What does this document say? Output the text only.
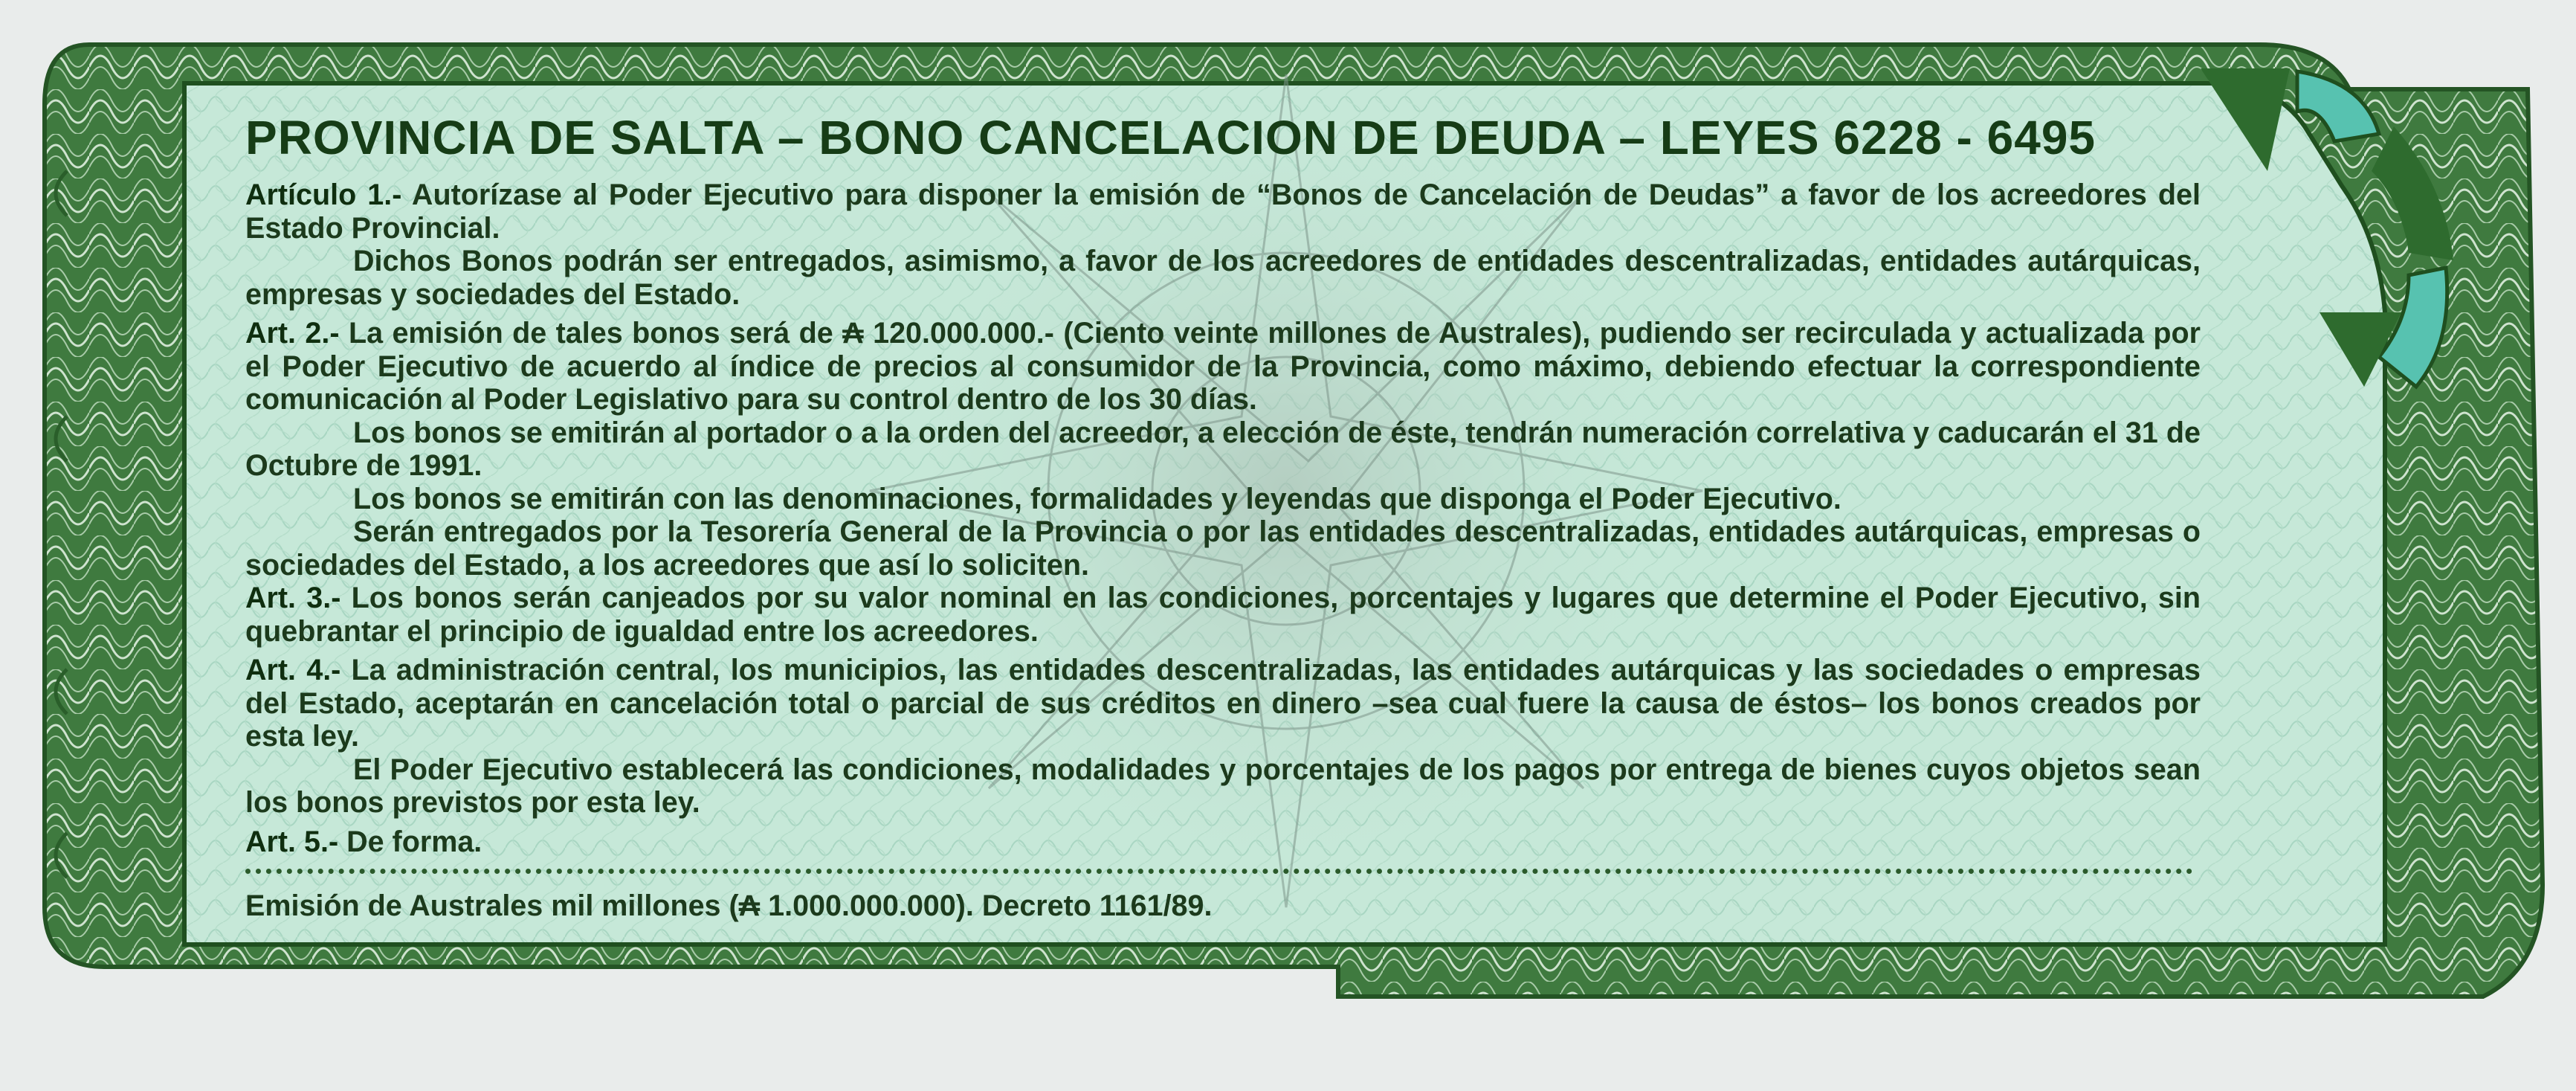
PROVINCIA DE SALTA – BONO CANCELACION DE DEUDA – LEYES 6228 - 6495

Artículo 1.- Autorízase al Poder Ejecutivo para disponer la emisión de “Bonos de Cancelación de Deudas” a favor de los acreedores del Estado Provincial.

Dichos Bonos podrán ser entregados, asimismo, a favor de los acreedores de entidades descentralizadas, entidades autárquicas, empresas y sociedades del Estado.

Art. 2.- La emisión de tales bonos será de ₳ 120.000.000.- (Ciento veinte millones de Australes), pudiendo ser recirculada y actualizada por el Poder Ejecutivo de acuerdo al índice de precios al consumidor de la Provincia, como máximo, debiendo efectuar la correspondiente comunicación al Poder Legislativo para su control dentro de los 30 días.

Los bonos se emitirán al portador o a la orden del acreedor, a elección de éste, tendrán numeración correlativa y caducarán el 31 de Octubre de 1991.

Los bonos se emitirán con las denominaciones, formalidades y leyendas que disponga el Poder Ejecutivo.

Serán entregados por la Tesorería General de la Provincia o por las entidades descentralizadas, entidades autárquicas, empresas o sociedades del Estado, a los acreedores que así lo soliciten.

Art. 3.- Los bonos serán canjeados por su valor nominal en las condiciones, porcentajes y lugares que determine el Poder Ejecutivo, sin quebrantar el principio de igualdad entre los acreedores.

Art. 4.- La administración central, los municipios, las entidades descentralizadas, las entidades autárquicas y las sociedades o empresas del Estado, aceptarán en cancelación total o parcial de sus créditos en dinero –sea cual fuere la causa de éstos– los bonos creados por esta ley.

El Poder Ejecutivo establecerá las condiciones, modalidades y porcentajes de los pagos por entrega de bienes cuyos objetos sean los bonos previstos por esta ley.

Art. 5.- De forma.

Emisión de Australes mil millones (₳ 1.000.000.000). Decreto 1161/89.
